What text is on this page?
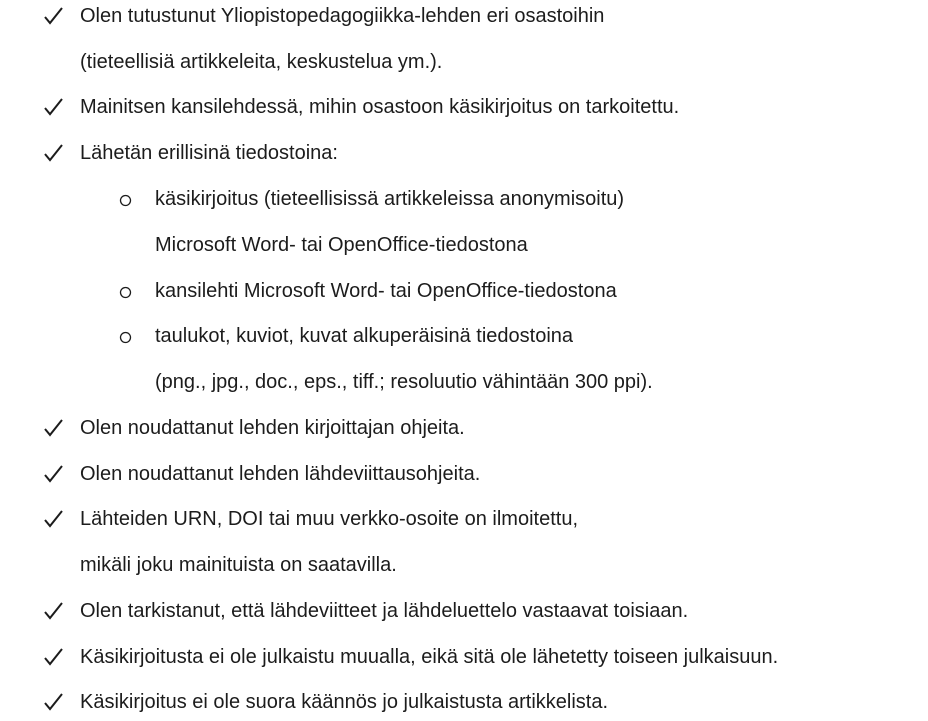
Olen tutustunut Yliopistopedagogiikka-lehden eri osastoihin
(tieteellisiä artikkeleita, keskustelua ym.).
Mainitsen kansilehdessä, mihin osastoon käsikirjoitus on tarkoitettu.
Lähetän erillisinä tiedostoina:
käsikirjoitus (tieteellisissä artikkeleissa anonymisoitu)
Microsoft Word- tai OpenOffice-tiedostona
kansilehti Microsoft Word- tai OpenOffice-tiedostona
taulukot, kuviot, kuvat alkuperäisinä tiedostoina
(png., jpg., doc., eps., tiff.; resoluutio vähintään 300 ppi).
Olen noudattanut lehden kirjoittajan ohjeita.
Olen noudattanut lehden lähdeviittausohjeita.
Lähteiden URN, DOI tai muu verkko-osoite on ilmoitettu,
mikäli joku mainituista on saatavilla.
Olen tarkistanut, että lähdeviitteet ja lähdeluettelo vastaavat toisiaan.
Käsikirjoitusta ei ole julkaistu muualla, eikä sitä ole lähetetty toiseen julkaisuun.
Käsikirjoitus ei ole suora käännös jo julkaistusta artikkelista.
